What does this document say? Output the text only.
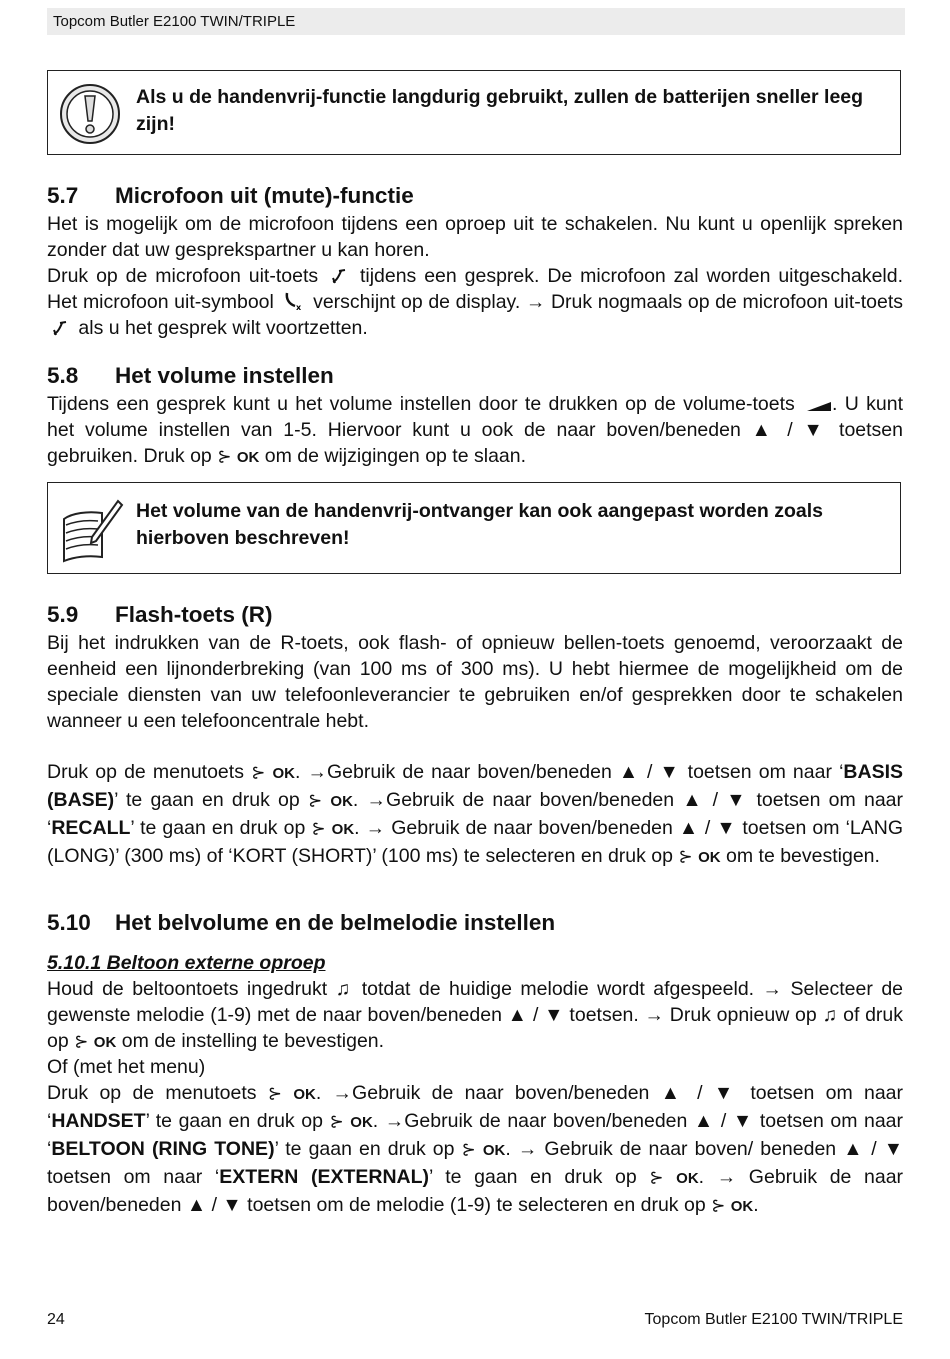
Topcom Butler E2100 TWIN/TRIPLE
Als u de handenvrij-functie langdurig gebruikt, zullen de batterijen sneller leeg zijn!
5.7 Microfoon uit (mute)-functie
Het is mogelijk om de microfoon tijdens een oproep uit te schakelen. Nu kunt u openlijk spreken zonder dat uw gesprekspartner u kan horen.
Druk op de microfoon uit-toets tijdens een gesprek. De microfoon zal worden uitgeschakeld. Het microfoon uit-symbool	x verschijnt op de display. → Druk nogmaals op de microfoon uit-toets  als u het gesprek wilt voortzetten.
5.8 Het volume instellen
Tijdens een gesprek kunt u het volume instellen door te drukken op de volume-toets . U kunt het volume instellen van 1-5. Hiervoor kunt u ook de naar boven/beneden ▲ / ▼ toetsen gebruiken. Druk op ⊱ OK om de wijzigingen op te slaan.
Het volume van de handenvrij-ontvanger kan ook aangepast worden zoals hierboven beschreven!
5.9 Flash-toets (R)
Bij het indrukken van de R-toets, ook flash- of opnieuw bellen-toets genoemd, veroorzaakt de eenheid een lijnonderbreking (van 100 ms of 300 ms). U hebt hiermee de mogelijkheid om de speciale diensten van uw telefoonleverancier te gebruiken en/of gesprekken door te schakelen wanneer u een telefooncentrale hebt.
Druk op de menutoets ⊱ OK. →Gebruik de naar boven/beneden ▲ / ▼ toetsen om naar ‘BASIS (BASE)’ te gaan en druk op ⊱ OK. →Gebruik de naar boven/beneden ▲ / ▼ toetsen om naar ‘RECALL’ te gaan en druk op ⊱ OK. → Gebruik de naar boven/beneden ▲ / ▼ toetsen om ‘LANG (LONG)’ (300 ms) of ‘KORT (SHORT)’ (100 ms) te selecteren en druk op ⊱ OK om te bevestigen.
5.10 Het belvolume en de belmelodie instellen
5.10.1 Beltoon externe oproep
Houd de beltoontoets ingedrukt ♫ totdat de huidige melodie wordt afgespeeld. → Selecteer de gewenste melodie (1-9) met de naar boven/beneden ▲ / ▼ toetsen. → Druk opnieuw op ♫ of druk op ⊱ OK om de instelling te bevestigen.
Of (met het menu)
Druk op de menutoets ⊱ OK. →Gebruik de naar boven/beneden ▲ / ▼ toetsen om naar ‘HANDSET’ te gaan en druk op ⊱ OK. →Gebruik de naar boven/beneden ▲ / ▼ toetsen om naar ‘BELTOON (RING TONE)’ te gaan en druk op ⊱ OK. → Gebruik de naar boven/ beneden ▲ / ▼ toetsen om naar ‘EXTERN (EXTERNAL)’ te gaan en druk op ⊱ OK. → Gebruik de naar boven/beneden ▲ / ▼ toetsen om de melodie (1-9) te selecteren en druk op ⊱ OK.
24	Topcom Butler E2100 TWIN/TRIPLE
